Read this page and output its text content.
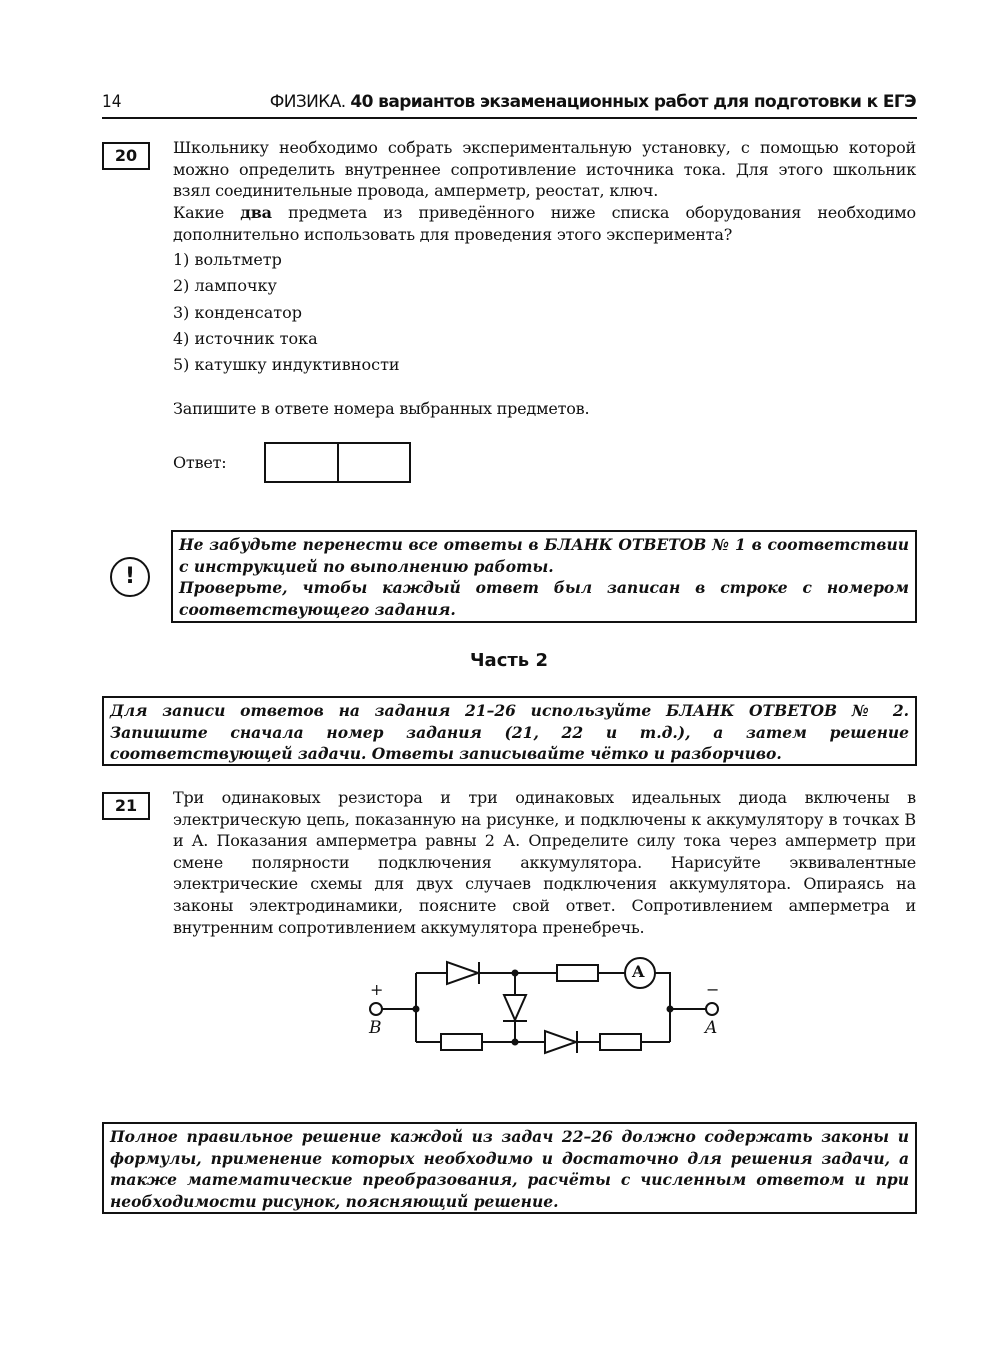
14	ФИЗИКА. 40 вариантов экзаменационных работ для подготовки к ЕГЭ
20	Школьнику необходимо собрать экспериментальную установку, с помощью которой можно определить внутреннее сопротивление источника тока. Для этого школьник взял соединительные провода, амперметр, реостат, ключ.
Какие два предмета из приведённого ниже списка оборудования необходимо дополнительно использовать для проведения этого эксперимента?
1) вольтметр
2) лампочку
3) конденсатор
4) источник тока
5) катушку индуктивности
Запишите в ответе номера выбранных предметов.
Ответ:
!
Не забудьте перенести все ответы в БЛАНК ОТВЕТОВ № 1 в соответствии с инструкцией по выполнению работы.
Проверьте, чтобы каждый ответ был записан в строке с номером соответствующего задания.
Часть 2
Для записи ответов на задания 21–26 используйте БЛАНК ОТВЕТОВ № 2. Запишите сначала номер задания (21, 22 и т.д.), а затем решение соответствующей задачи. Ответы записывайте чётко и разборчиво.
21	Три одинаковых резистора и три одинаковых идеальных диода включены в электрическую цепь, показанную на рисунке, и подключены к аккумулятору в точках B и A. Показания амперметра равны 2 А. Определите силу тока через амперметр при смене полярности подключения аккумулятора. Нарисуйте эквивалентные электрические схемы для двух случаев подключения аккумулятора. Опираясь на законы электродинамики, поясните свой ответ. Сопротивлением амперметра и внутренним сопротивлением аккумулятора пренебречь.
A
+	−
B	A
Полное правильное решение каждой из задач 22–26 должно содержать законы и формулы, применение которых необходимо и достаточно для решения задачи, а также математические преобразования, расчёты с численным ответом и при необходимости рисунок, поясняющий решение.
